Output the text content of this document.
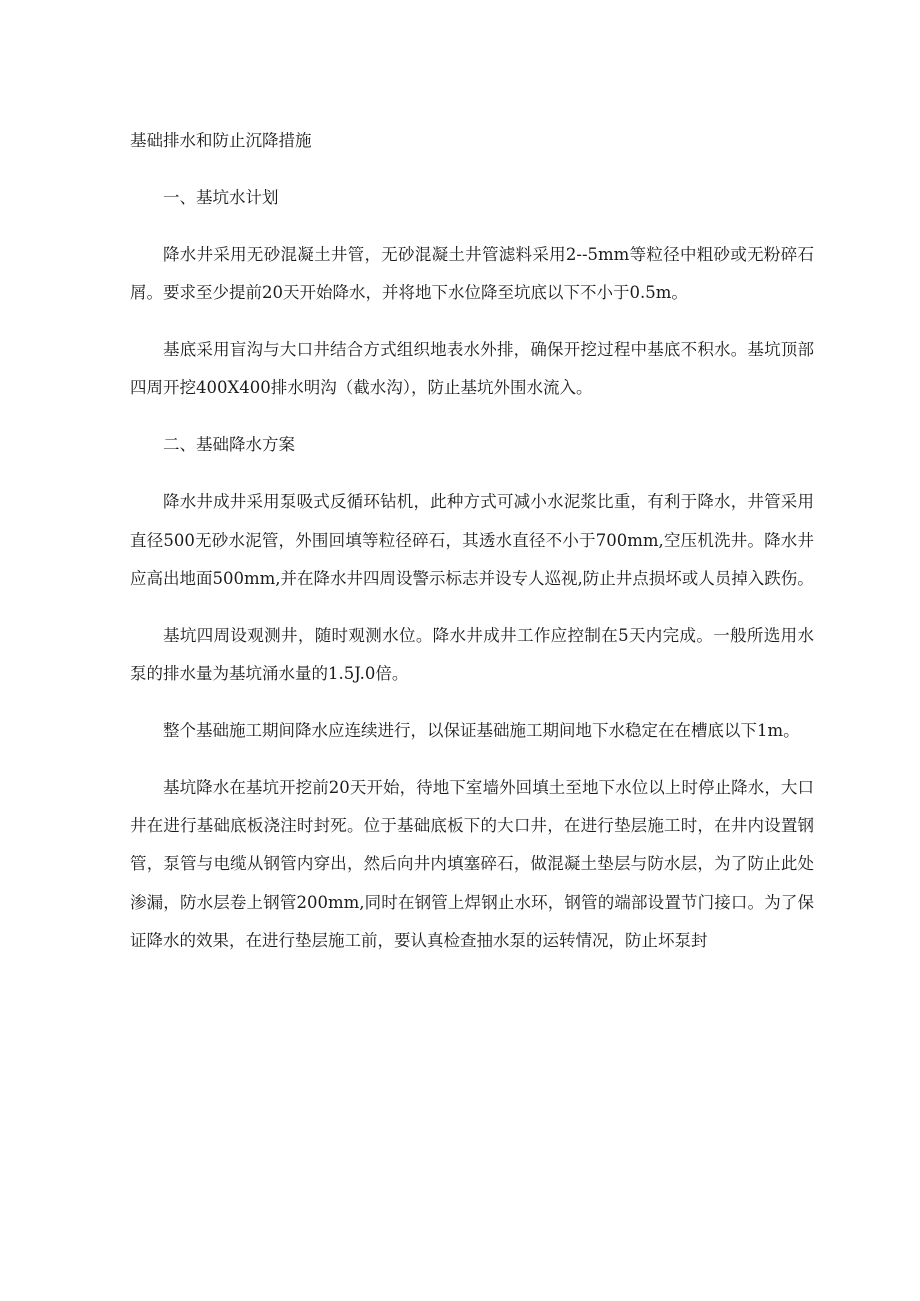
基础排水和防止沉降措施

一、基坑水计划

降水井采用无砂混凝土井管，无砂混凝土井管滤料采用2--5mm等粒径中粗砂或无粉碎石屑。要求至少提前20天开始降水，并将地下水位降至坑底以下不小于0.5m。

基底采用盲沟与大口井结合方式组织地表水外排，确保开挖过程中基底不积水。基坑顶部四周开挖400X400排水明沟（截水沟），防止基坑外围水流入。

二、基础降水方案

降水井成井采用泵吸式反循环钻机，此种方式可减小水泥浆比重，有利于降水，井管采用直径500无砂水泥管，外围回填等粒径碎石，其透水直径不小于700mm,空压机洗井。降水井应高出地面500mm,并在降水井四周设警示标志并设专人巡视,防止井点损坏或人员掉入跌伤。

基坑四周设观测井，随时观测水位。降水井成井工作应控制在5天内完成。一般所选用水泵的排水量为基坑涌水量的1.5J.0倍。

整个基础施工期间降水应连续进行，以保证基础施工期间地下水稳定在在槽底以下1m。

基坑降水在基坑开挖前20天开始，待地下室墙外回填土至地下水位以上时停止降水，大口井在进行基础底板浇注时封死。位于基础底板下的大口井，在进行垫层施工时，在井内设置钢管，泵管与电缆从钢管内穿出，然后向井内填塞碎石，做混凝土垫层与防水层，为了防止此处渗漏，防水层卷上钢管200mm,同时在钢管上焊钢止水环，钢管的端部设置节门接口。为了保证降水的效果，在进行垫层施工前，要认真检查抽水泵的运转情况，防止坏泵封
